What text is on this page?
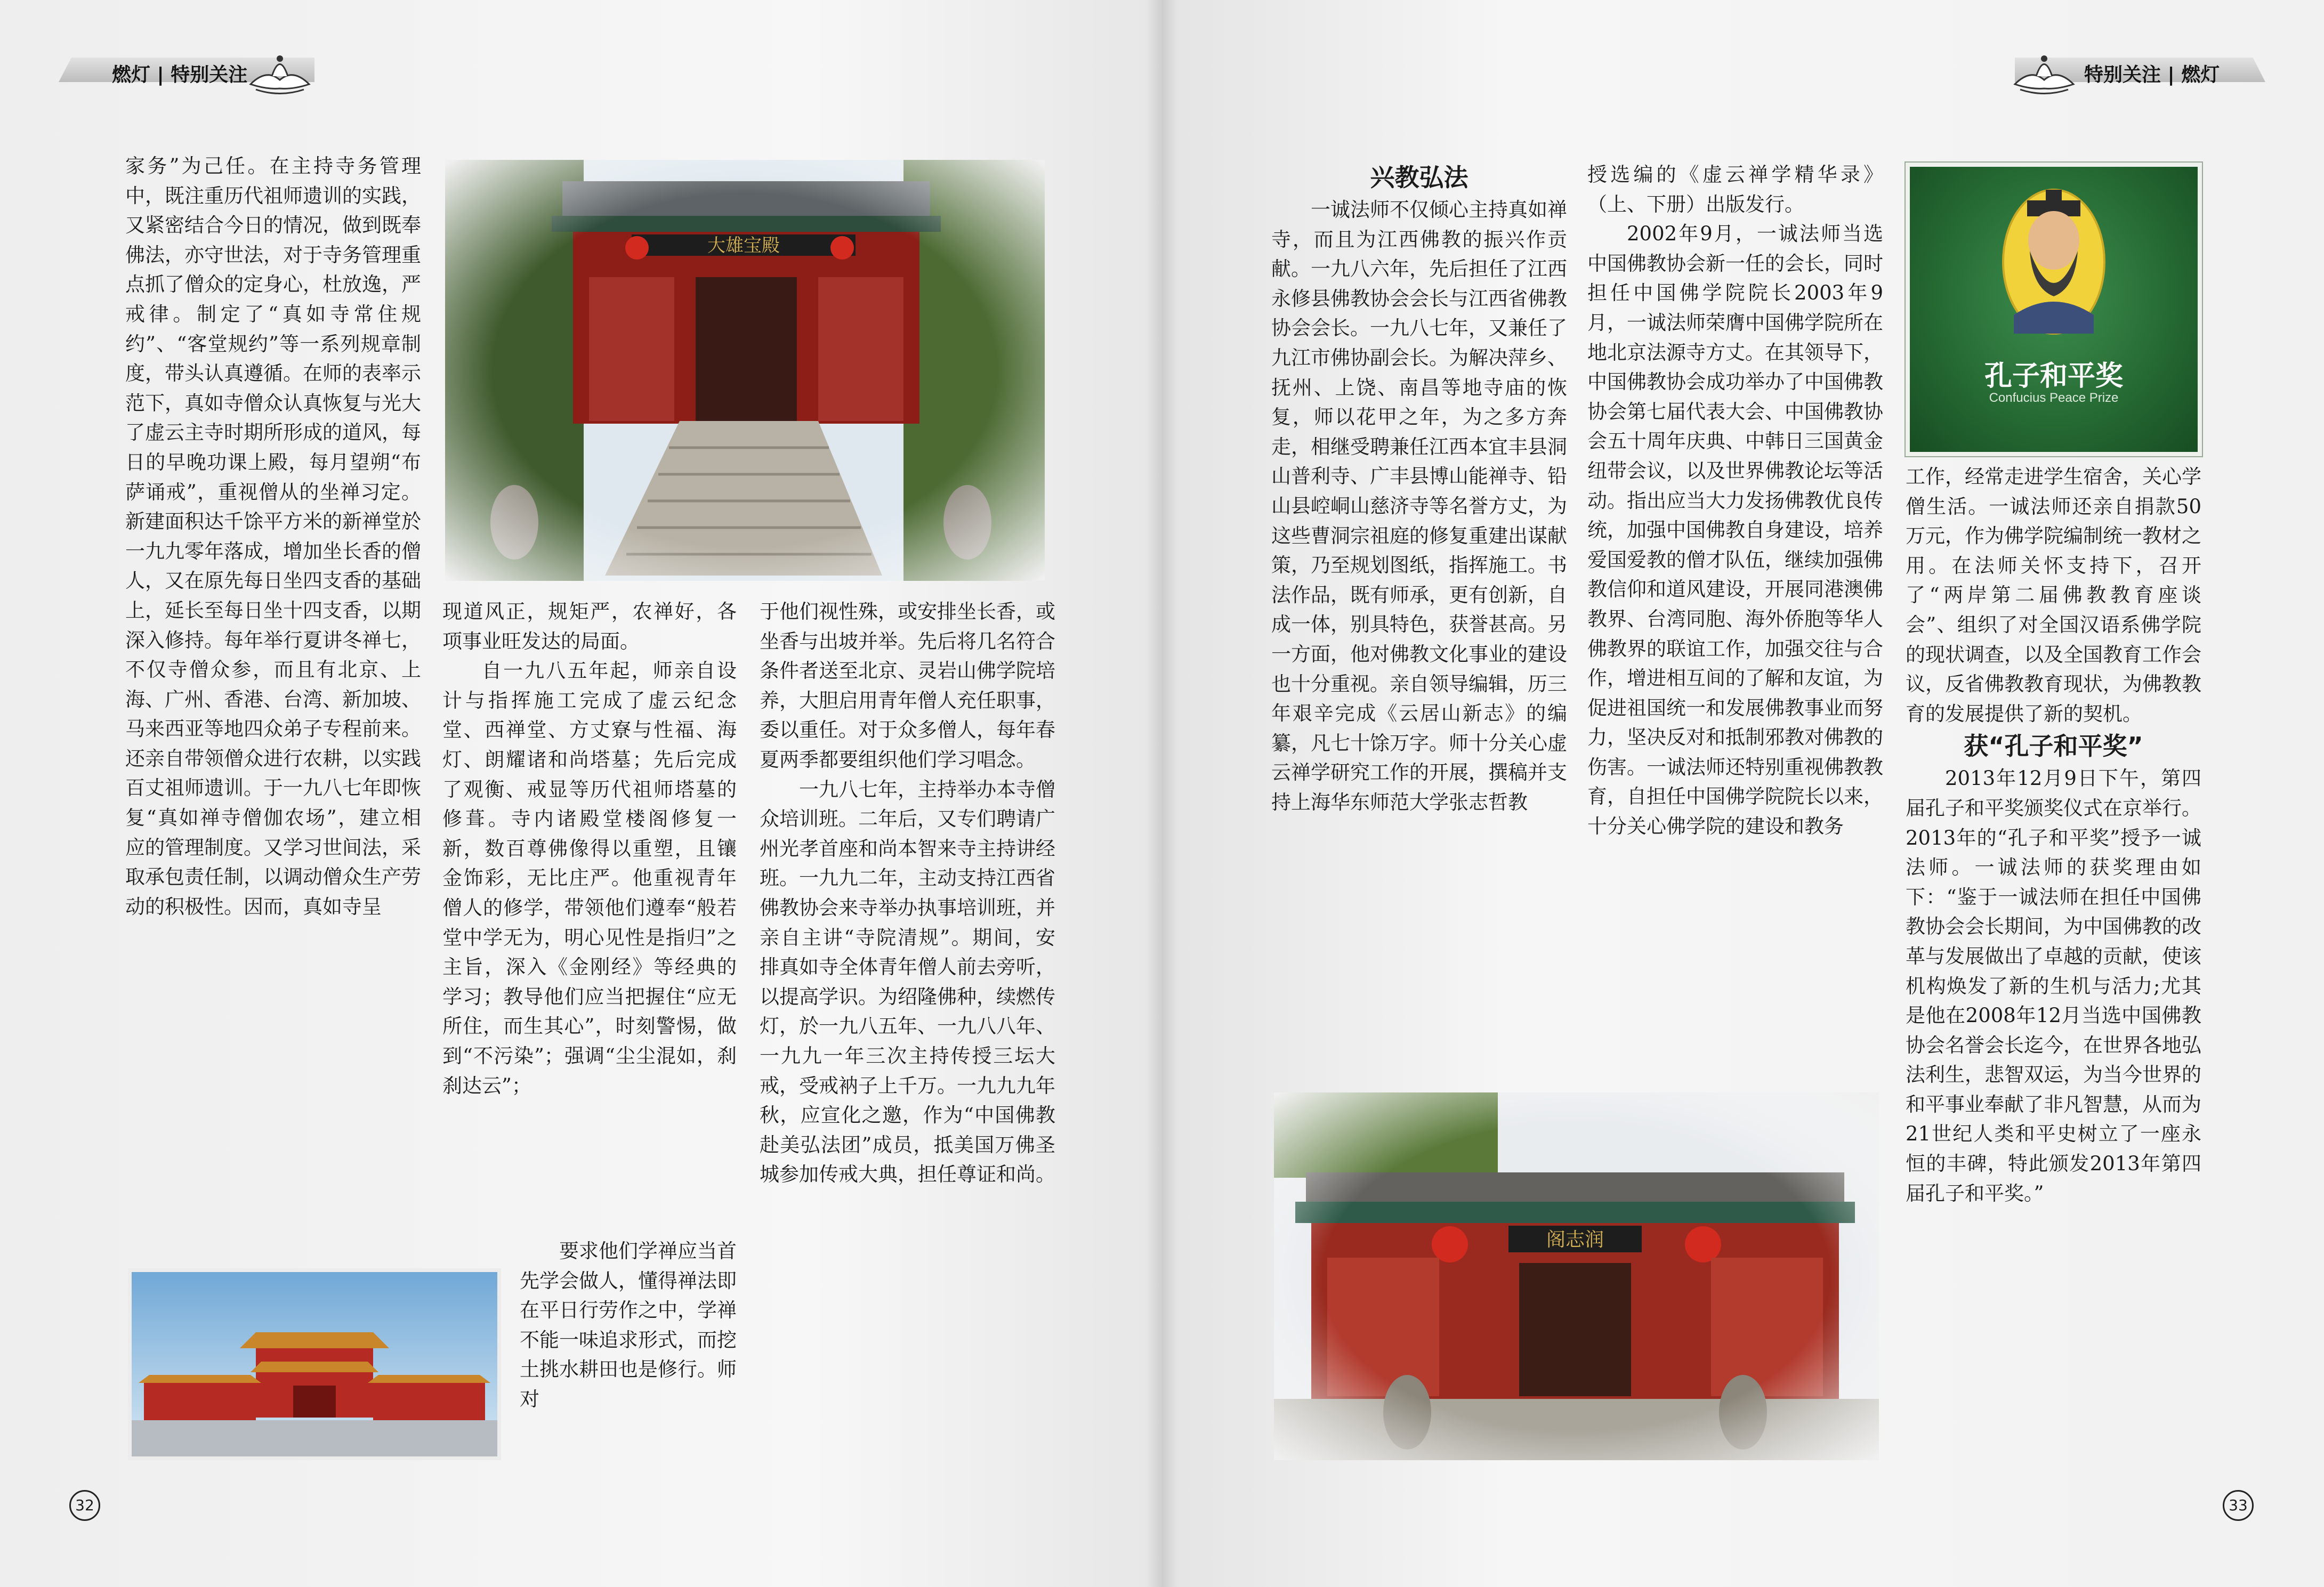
燃灯 | 特别关注	特别关注 | 燃灯

家务”为己任。在主持寺务管理中，既注重历代祖师遗训的实践，又紧密结合今日的情况，做到既奉佛法，亦守世法，对于寺务管理重点抓了僧众的定身心，杜放逸，严戒律。制定了“真如寺常住规约”、“客堂规约”等一系列规章制度，带头认真遵循。在师的表率示范下，真如寺僧众认真恢复与光大了虚云主寺时期所形成的道风，每日的早晚功课上殿，每月望朔“布萨诵戒”，重视僧从的坐禅习定。新建面积达千馀平方米的新禅堂於一九九零年落成，增加坐长香的僧人，又在原先每日坐四支香的基础上，延长至每日坐十四支香，以期深入修持。每年举行夏讲冬禅七，不仅寺僧众参，而且有北京、上海、广州、香港、台湾、新加坡、马来西亚等地四众弟子专程前来。还亲自带领僧众进行农耕，以实践百丈祖师遗训。于一九八七年即恢复“真如禅寺僧伽农场”，建立相应的管理制度。又学习世间法，采取承包责任制，以调动僧众生产劳动的积极性。因而，真如寺呈

现道风正，规矩严，农禅好，各项事业旺发达的局面。

自一九八五年起，师亲自设计与指挥施工完成了虚云纪念堂、西禅堂、方丈寮与性福、海灯、朗耀诸和尚塔墓；先后完成了观衡、戒显等历代祖师塔墓的修葺。寺内诸殿堂楼阁修复一新，数百尊佛像得以重塑，且镶金饰彩，无比庄严。他重视青年僧人的修学，带领他们遵奉“般若堂中学无为，明心见性是指归”之主旨，深入《金刚经》等经典的学习；教导他们应当把握住“应无所住，而生其心”，时刻警惕，做到“不污染”；强调“尘尘混如，刹刹达云”；

要求他们学禅应当首先学会做人，懂得禅法即在平日行劳作之中，学禅不能一味追求形式，而挖土挑水耕田也是修行。师对

于他们视性殊，或安排坐长香，或坐香与出坡并举。先后将几名符合条件者送至北京、灵岩山佛学院培养，大胆启用青年僧人充任职事，委以重任。对于众多僧人，每年春夏两季都要组织他们学习唱念。

一九八七年，主持举办本寺僧众培训班。二年后，又专们聘请广州光孝首座和尚本智来寺主持讲经班。一九九二年，主动支持江西省佛教协会来寺举办执事培训班，并亲自主讲“寺院清规”。期间，安排真如寺全体青年僧人前去旁听，以提高学识。为绍隆佛种，续燃传灯，於一九八五年、一九八八年、一九九一年三次主持传授三坛大戒，受戒衲子上千万。一九九九年秋，应宣化之邀，作为“中国佛教赴美弘法团”成员，抵美国万佛圣城参加传戒大典，担任尊证和尚。

兴教弘法

一诚法师不仅倾心主持真如禅寺，而且为江西佛教的振兴作贡献。一九八六年，先后担任了江西永修县佛教协会会长与江西省佛教协会会长。一九八七年，又兼任了九江市佛协副会长。为解决萍乡、抚州、上饶、南昌等地寺庙的恢复，师以花甲之年，为之多方奔走，相继受聘兼任江西本宜丰县洞山普利寺、广丰县博山能禅寺、铅山县崆峒山慈济寺等名誉方丈，为这些曹洞宗祖庭的修复重建出谋献策，乃至规划图纸，指挥施工。书法作品，既有师承，更有创新，自成一体，别具特色，获誉甚高。另一方面，他对佛教文化事业的建设也十分重视。亲自领导编辑，历三年艰辛完成《云居山新志》的编纂，凡七十馀万字。师十分关心虚云禅学研究工作的开展，撰稿并支持上海华东师范大学张志哲教

授选编的《虚云禅学精华录》（上、下册）出版发行。

2002年9月，一诚法师当选中国佛教协会新一任的会长，同时担任中国佛学院院长2003年9月，一诚法师荣膺中国佛学院所在地北京法源寺方丈。在其领导下，中国佛教协会成功举办了中国佛教协会第七届代表大会、中国佛教协会五十周年庆典、中韩日三国黄金纽带会议，以及世界佛教论坛等活动。指出应当大力发扬佛教优良传统，加强中国佛教自身建设，培养爱国爱教的僧才队伍，继续加强佛教信仰和道风建设，开展同港澳佛教界、台湾同胞、海外侨胞等华人佛教界的联谊工作，加强交往与合作，增进相互间的了解和友谊，为促进祖国统一和发展佛教事业而努力，坚决反对和抵制邪教对佛教的伤害。一诚法师还特别重视佛教教育，自担任中国佛学院院长以来，十分关心佛学院的建设和教务

孔子和平奖
Confucius Peace Prize

工作，经常走进学生宿舍，关心学僧生活。一诚法师还亲自捐款50万元，作为佛学院编制统一教材之用。在法师关怀支持下，召开了“两岸第二届佛教教育座谈会”、组织了对全国汉语系佛学院的现状调查，以及全国教育工作会议，反省佛教教育现状，为佛教教育的发展提供了新的契机。

获“孔子和平奖”

2013年12月9日下午，第四届孔子和平奖颁奖仪式在京举行。2013年的“孔子和平奖”授予一诚法师。一诚法师的获奖理由如下：“鉴于一诚法师在担任中国佛教协会会长期间，为中国佛教的改革与发展做出了卓越的贡献，使该机构焕发了新的生机与活力;尤其是他在2008年12月当选中国佛教协会名誉会长迄今，在世界各地弘法利生，悲智双运，为当今世界的和平事业奉献了非凡智慧，从而为21世纪人类和平史树立了一座永恒的丰碑，特此颁发2013年第四届孔子和平奖。”

32	33
